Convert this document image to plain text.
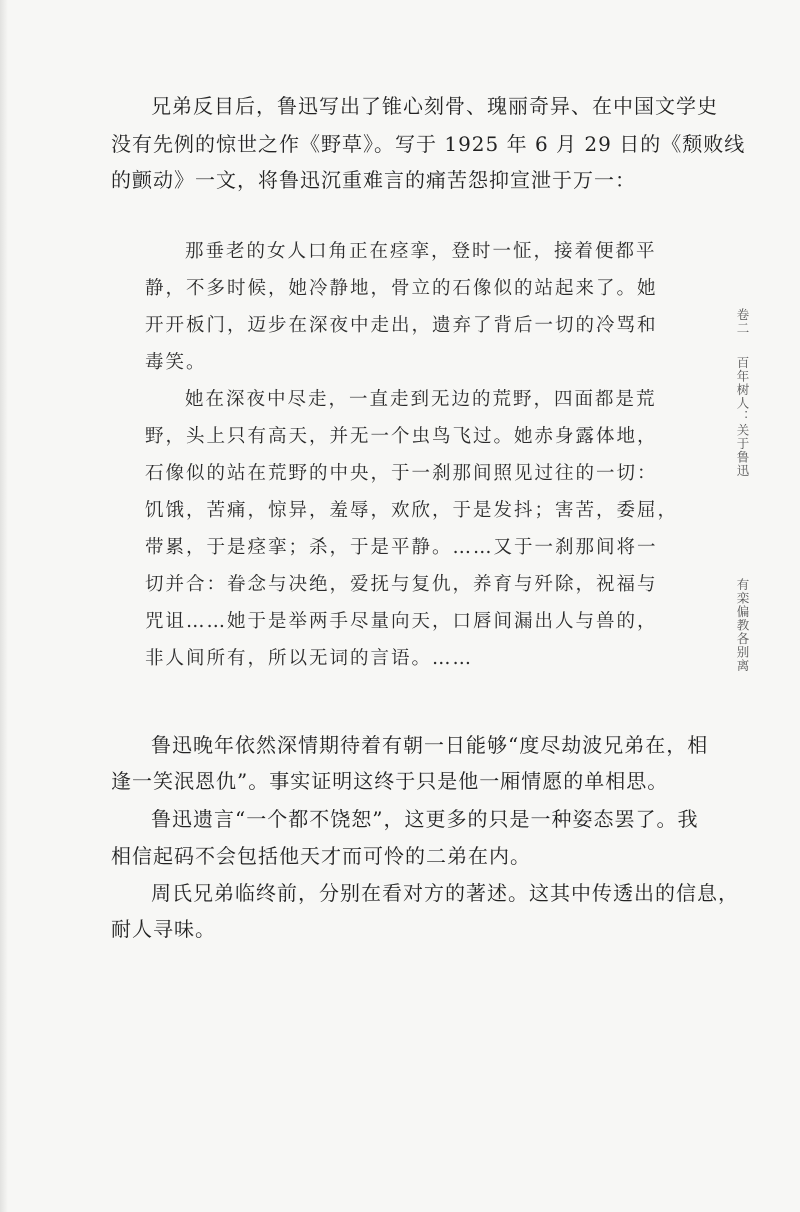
兄弟反目后，鲁迅写出了锥心刻骨、瑰丽奇异、在中国文学史
没有先例的惊世之作《野草》。写于 1925 年 6 月 29 日的《颓败线
的颤动》一文，将鲁迅沉重难言的痛苦怨抑宣泄于万一：
那垂老的女人口角正在痉挛，登时一怔，接着便都平
静，不多时候，她冷静地，骨立的石像似的站起来了。她
开开板门，迈步在深夜中走出，遗弃了背后一切的冷骂和
毒笑。
她在深夜中尽走，一直走到无边的荒野，四面都是荒
野，头上只有高天，并无一个虫鸟飞过。她赤身露体地，
石像似的站在荒野的中央，于一刹那间照见过往的一切：
饥饿，苦痛，惊异，羞辱，欢欣，于是发抖；害苦，委屈，
带累，于是痉挛；杀，于是平静。……又于一刹那间将一
切并合：眷念与决绝，爱抚与复仇，养育与歼除，祝福与
咒诅……她于是举两手尽量向天，口唇间漏出人与兽的，
非人间所有，所以无词的言语。……
鲁迅晚年依然深情期待着有朝一日能够“度尽劫波兄弟在，相
逢一笑泯恩仇”。事实证明这终于只是他一厢情愿的单相思。
鲁迅遗言“一个都不饶恕”，这更多的只是一种姿态罢了。我
相信起码不会包括他天才而可怜的二弟在内。
周氏兄弟临终前，分别在看对方的著述。这其中传透出的信息，
耐人寻味。
卷二
百年树人：关于鲁迅
有栾偏教各别离
